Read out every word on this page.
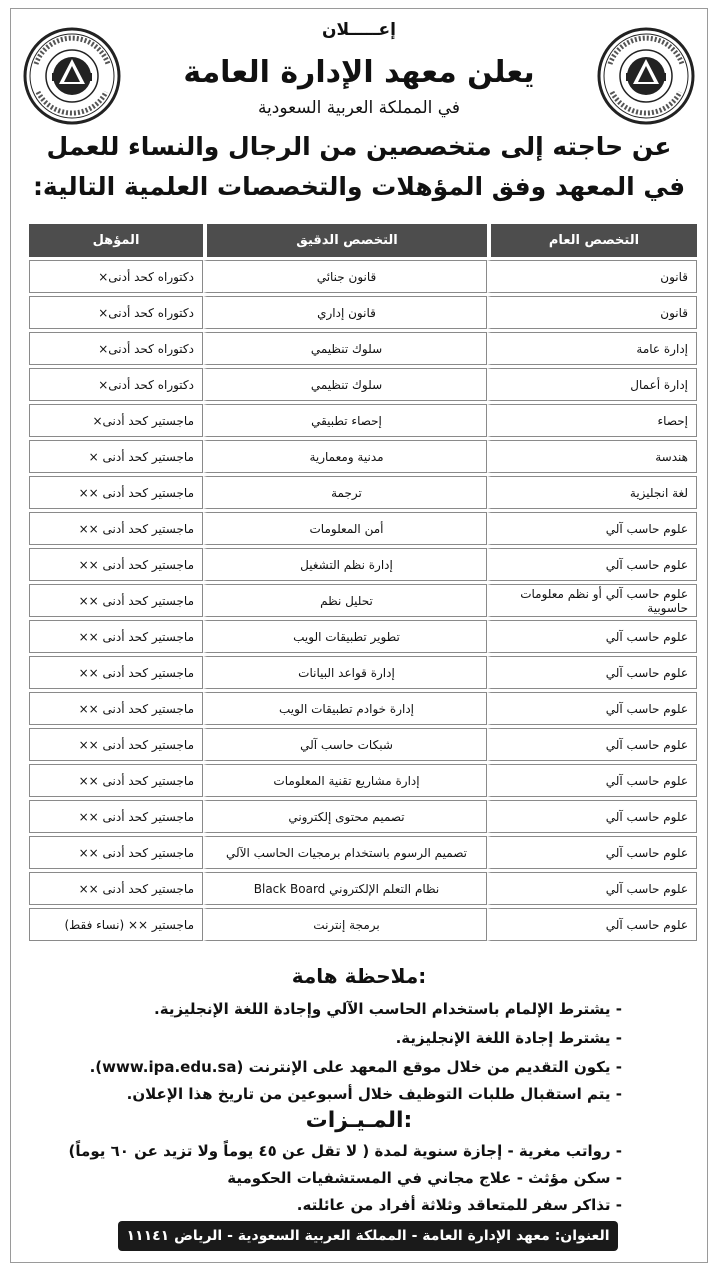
إعـــــلان
يعلن معهد الإدارة العامة
في المملكة العربية السعودية
عن حاجته إلى متخصصين من الرجال والنساء للعمل
في المعهد وفق المؤهلات والتخصصات العلمية التالية:
التخصص العام	التخصص الدقيق	المؤهل
قانون	قانون جنائي	دكتوراه كحد أدنى×
قانون	قانون إداري	دكتوراه كحد أدنى×
إدارة عامة	سلوك تنظيمي	دكتوراه كحد أدنى×
إدارة أعمال	سلوك تنظيمي	دكتوراه كحد أدنى×
إحصاء	إحصاء تطبيقي	ماجستير كحد أدنى×
هندسة	مدنية ومعمارية	ماجستير كحد أدنى ×
لغة انجليزية	ترجمة	ماجستير كحد أدنى ××
علوم حاسب آلي	أمن المعلومات	ماجستير كحد أدنى ××
علوم حاسب آلي	إدارة نظم التشغيل	ماجستير كحد أدنى ××
علوم حاسب آلي أو نظم معلومات حاسوبية	تحليل نظم	ماجستير كحد أدنى ××
علوم حاسب آلي	تطوير تطبيقات الويب	ماجستير كحد أدنى ××
علوم حاسب آلي	إدارة قواعد البيانات	ماجستير كحد أدنى ××
علوم حاسب آلي	إدارة خوادم تطبيقات الويب	ماجستير كحد أدنى ××
علوم حاسب آلي	شبكات حاسب آلي	ماجستير كحد أدنى ××
علوم حاسب آلي	إدارة مشاريع تقنية المعلومات	ماجستير كحد أدنى ××
علوم حاسب آلي	تصميم محتوى إلكتروني	ماجستير كحد أدنى ××
علوم حاسب آلي	تصميم الرسوم باستخدام برمجيات الحاسب الآلي	ماجستير كحد أدنى ××
علوم حاسب آلي	نظام التعلم الإلكتروني Black Board	ماجستير كحد أدنى ××
علوم حاسب آلي	برمجة إنترنت	ماجستير ×× (نساء فقط)
ملاحظة هامة:
- يشترط الإلمام باستخدام الحاسب الآلي وإجادة اللغة الإنجليزية.
- يشترط إجادة اللغة الإنجليزية.
- يكون التقديم من خلال موقع المعهد على الإنترنت (www.ipa.edu.sa).
- يتم استقبال طلبات التوظيف خلال أسبوعين من تاريخ هذا الإعلان.
المـيـزات:
- رواتب مغرية - إجازة سنوية لمدة ( لا تقل عن ٤٥ يوماً ولا تزيد عن ٦٠ يوماً)
- سكن مؤثث - علاج مجاني في المستشفيات الحكومية
- تذاكر سفر للمتعاقد وثلاثة أفراد من عائلته.
العنوان: معهد الإدارة العامة - المملكة العربية السعودية - الرياض ١١١٤١
